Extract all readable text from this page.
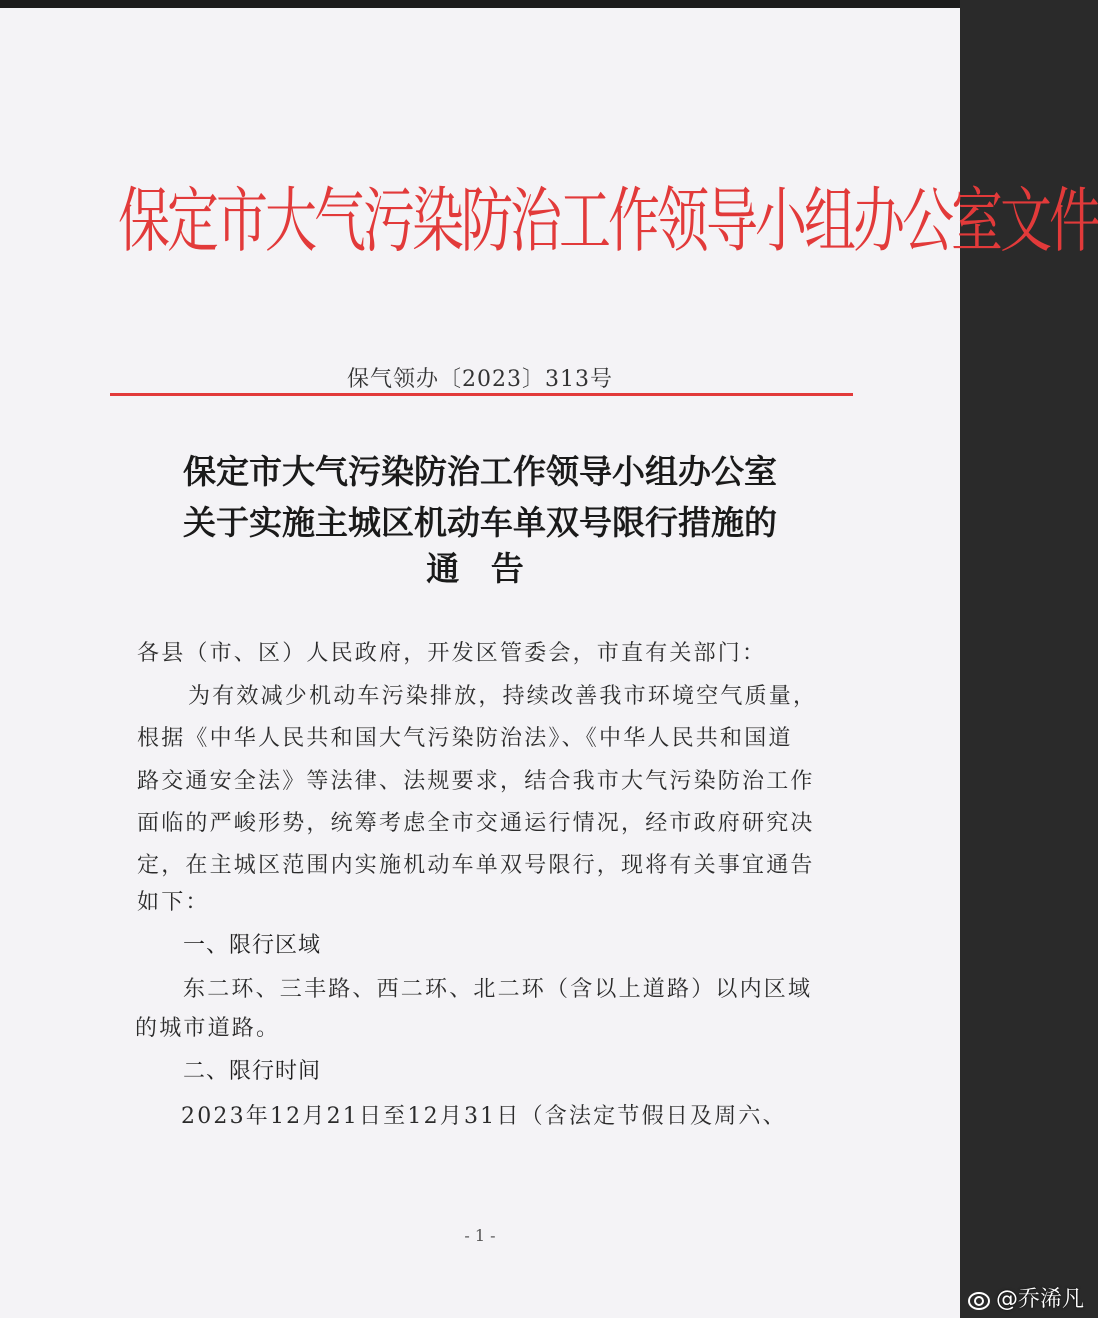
保定市大气污染防治工作领导小组办公室文件
保气领办〔2023〕313号
保定市大气污染防治工作领导小组办公室
关于实施主城区机动车单双号限行措施的
通 告
各县（市、区）人民政府，开发区管委会，市直有关部门：
为有效减少机动车污染排放，持续改善我市环境空气质量，
根据《中华人民共和国大气污染防治法》、《中华人民共和国道
路交通安全法》等法律、法规要求，结合我市大气污染防治工作
面临的严峻形势，统筹考虑全市交通运行情况，经市政府研究决
定，在主城区范围内实施机动车单双号限行，现将有关事宜通告
如下：
一、限行区域
东二环、三丰路、西二环、北二环（含以上道路）以内区域
的城市道路。
二、限行时间
2023年12月21日至12月31日（含法定节假日及周六、
- 1 -
@乔浠凡
